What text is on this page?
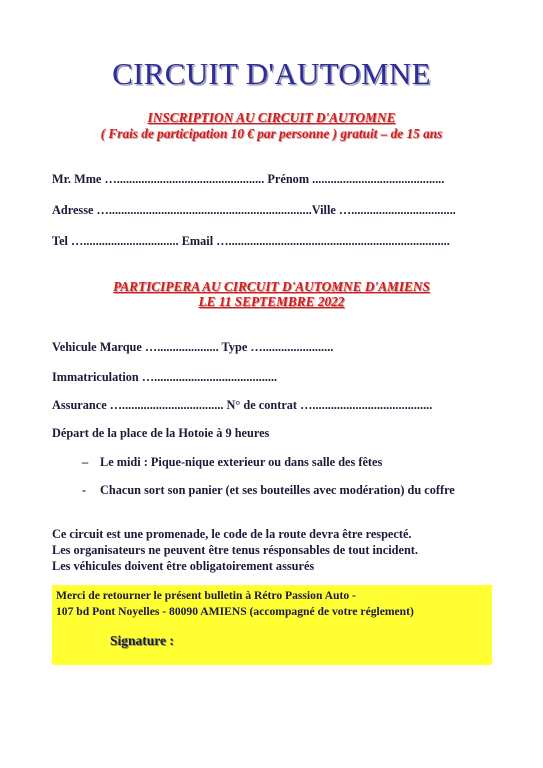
CIRCUIT D'AUTOMNE
INSCRIPTION AU CIRCUIT D'AUTOMNE
( Frais de participation 10 € par personne ) gratuit – de 15 ans
Mr. Mme …................................................ Prénom ...........................................
Adresse …..................................................................Ville …..................................
Tel …............................... Email …........................................................................
PARTICIPERA AU CIRCUIT D'AUTOMNE D'AMIENS
LE 11 SEPTEMBRE 2022
Vehicule Marque ….................... Type ….......................
Immatriculation …........................................
Assurance …................................. N° de contrat ….......................................
Départ de la place de la Hotoie à 9 heures
– Le midi : Pique-nique exterieur ou dans salle des fêtes
- Chacun sort son panier (et ses bouteilles avec modération) du coffre
Ce circuit est une promenade, le code de la route devra être respecté.
Les organisateurs ne peuvent être tenus résponsables de tout incident.
Les véhicules doivent être obligatoirement assurés
Merci de retourner le présent bulletin à Rétro Passion Auto -
107 bd Pont Noyelles - 80090 AMIENS (accompagné de votre réglement)
Signature :
